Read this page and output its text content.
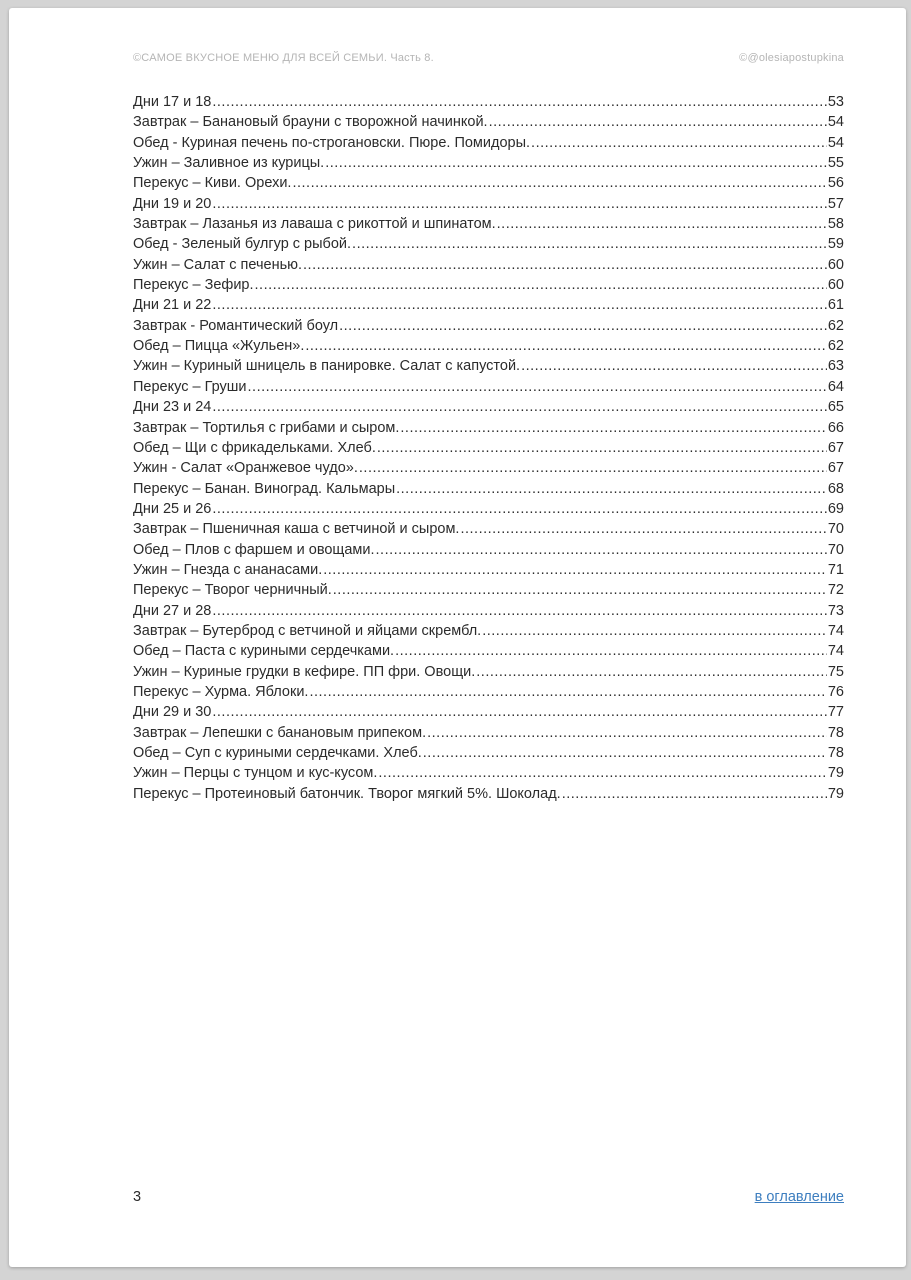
©САМОЕ ВКУСНОЕ МЕНЮ ДЛЯ ВСЕЙ СЕМЬИ. Часть 8.	©@olesiapostupkina
Дни 17 и 18 .....	53
Завтрак – Банановый брауни с творожной начинкой. .....	54
Обед - Куриная печень по-строгановски. Пюре. Помидоры. .....	54
Ужин – Заливное из курицы. .....	55
Перекус – Киви. Орехи. .....	56
Дни 19 и 20 .....	57
Завтрак – Лазанья из лаваша с рикоттой и шпинатом. .....	58
Обед - Зеленый булгур с рыбой. .....	59
Ужин – Салат с печенью. .....	60
Перекус – Зефир. .....	60
Дни 21 и 22 .....	61
Завтрак - Романтический боул .....	62
Обед – Пицца «Жульен». .....	62
Ужин – Куриный шницель в панировке. Салат с капустой. .....	63
Перекус – Груши .....	64
Дни 23 и 24 .....	65
Завтрак – Тортилья с грибами и сыром. .....	66
Обед – Щи с фрикадельками. Хлеб. .....	67
Ужин - Салат «Оранжевое чудо». .....	67
Перекус – Банан. Виноград. Кальмары .....	68
Дни 25 и 26 .....	69
Завтрак – Пшеничная каша с ветчиной и сыром. .....	70
Обед – Плов с фаршем и овощами. .....	70
Ужин – Гнезда с ананасами. .....	71
Перекус – Творог черничный. .....	72
Дни 27 и 28 .....	73
Завтрак – Бутерброд с ветчиной и яйцами скрембл. .....	74
Обед – Паста с куриными сердечками. .....	74
Ужин – Куриные грудки в кефире. ПП фри. Овощи. .....	75
Перекус – Хурма. Яблоки. .....	76
Дни 29 и 30 .....	77
Завтрак – Лепешки с банановым припеком. .....	78
Обед – Суп с куриными сердечками. Хлеб. .....	78
Ужин – Перцы с тунцом и кус-кусом. .....	79
Перекус – Протеиновый батончик. Творог мягкий 5%. Шоколад. .....	79
3	в оглавление
